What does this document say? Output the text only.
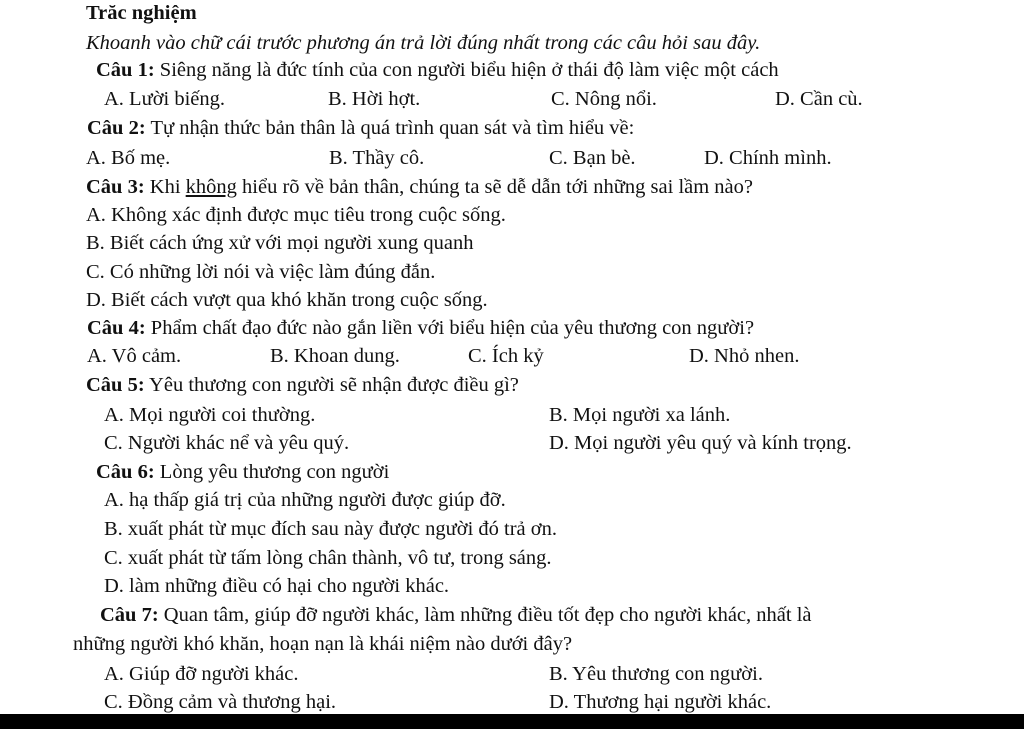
Trăc nghiệm
Khoanh vào chữ cái trước phương án trả lời đúng nhất trong các câu hỏi sau đây.
Câu 1: Siêng năng là đức tính của con người biểu hiện ở thái độ làm việc một cách
A. Lười biếng.	B. Hời hợt.	C. Nông nổi.	D. Cần cù.
Câu 2: Tự nhận thức bản thân là quá trình quan sát và tìm hiểu về:
A. Bố mẹ.	B. Thầy cô.	C. Bạn bè.	D. Chính mình.
Câu 3: Khi không hiểu rõ về bản thân, chúng ta sẽ dễ dẫn tới những sai lầm nào?
A. Không xác định được mục tiêu trong cuộc sống.
B. Biết cách ứng xử với mọi người xung quanh
C. Có những lời nói và việc làm đúng đắn.
D. Biết cách vượt qua khó khăn trong cuộc sống.
Câu 4: Phẩm chất đạo đức nào gắn liền với biểu hiện của yêu thương con người?
A. Vô cảm.	B. Khoan dung.	C. Ích kỷ	D. Nhỏ nhen.
Câu 5: Yêu thương con người sẽ nhận được điều gì?
A. Mọi người coi thường.	B. Mọi người xa lánh.
C. Người khác nể và yêu quý.	D. Mọi người yêu quý và kính trọng.
Câu 6: Lòng yêu thương con người
A. hạ thấp giá trị của những người được giúp đỡ.
B. xuất phát từ mục đích sau này được người đó trả ơn.
C. xuất phát từ tấm lòng chân thành, vô tư, trong sáng.
D. làm những điều có hại cho người khác.
Câu 7: Quan tâm, giúp đỡ người khác, làm những điều tốt đẹp cho người khác, nhất là
những người khó khăn, hoạn nạn là khái niệm nào dưới đây?
A. Giúp đỡ người khác.	B. Yêu thương con người.
C. Đồng cảm và thương hại.	D. Thương hại người khác.
